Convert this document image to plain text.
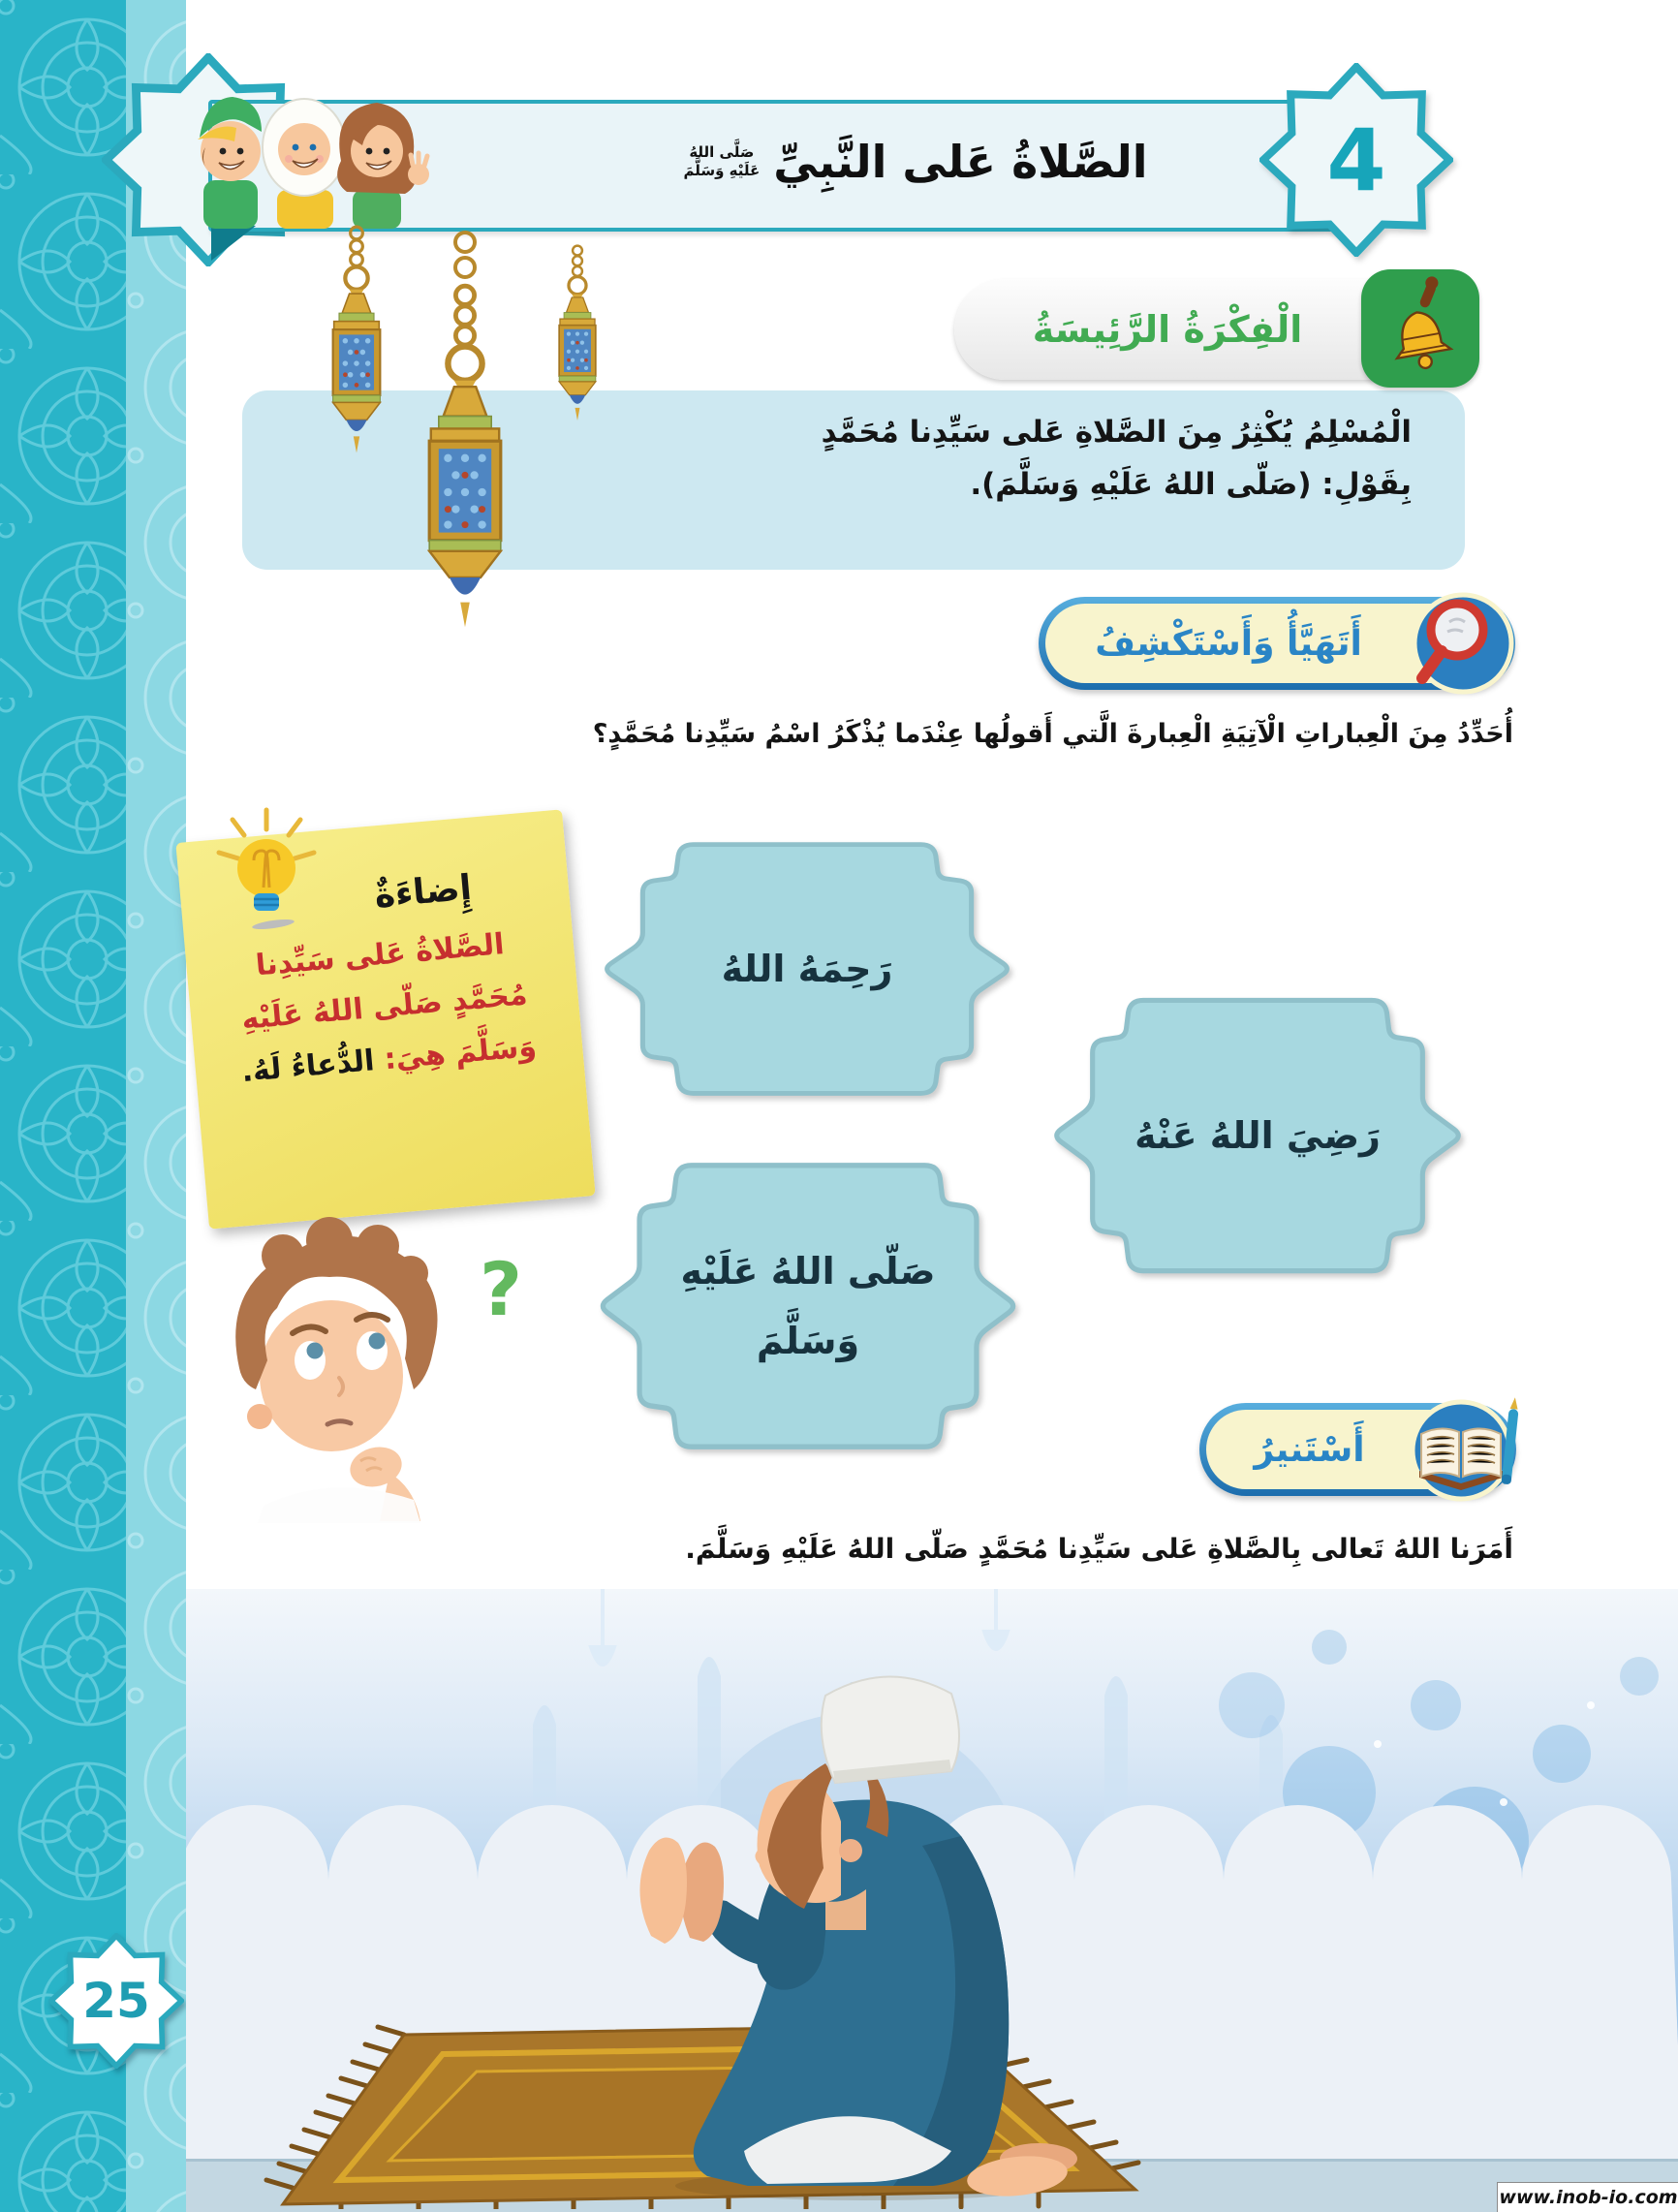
25
الصَّلاةُ عَلى النَّبِيِّ
صَلَّى اللهُ
عَلَيْهِ وَسَلَّمَ	4
الْمُسْلِمُ يُكْثِرُ مِنَ الصَّلاةِ عَلى سَيِّدِنا مُحَمَّدٍ
بِقَوْلِ: (صَلّى اللهُ عَلَيْهِ وَسَلَّمَ).
الْفِكْرَةُ الرَّئِيسَةُ
أَتَهَيَّأُ وَأَسْتَكْشِفُ
أُحَدِّدُ مِنَ الْعِباراتِ الْآتِيَةِ الْعِبارةَ الَّتي أَقولُها عِنْدَما يُذْكَرُ اسْمُ سَيِّدِنا مُحَمَّدٍ؟
إِضاءَةٌ
الصَّلاةُ عَلى سَيِّدِنا
مُحَمَّدٍ صَلّى اللهُ عَلَيْهِ
وَسَلَّمَ هِيَ: الدُّعاءُ لَهُ.
رَحِمَهُ اللهُ
رَضِيَ اللهُ عَنْهُ
صَلّى اللهُ عَلَيْهِ وَسَلَّمَ
?
أَسْتَنيرُ
أَمَرَنا اللهُ تَعالى بِالصَّلاةِ عَلى سَيِّدِنا مُحَمَّدٍ صَلّى اللهُ عَلَيْهِ وَسَلَّمَ.
www.inob-io.com
